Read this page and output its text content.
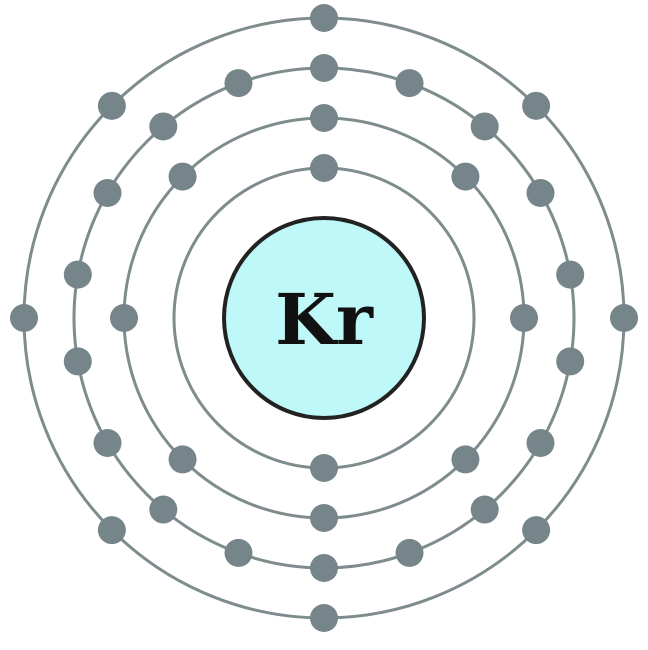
Kr
